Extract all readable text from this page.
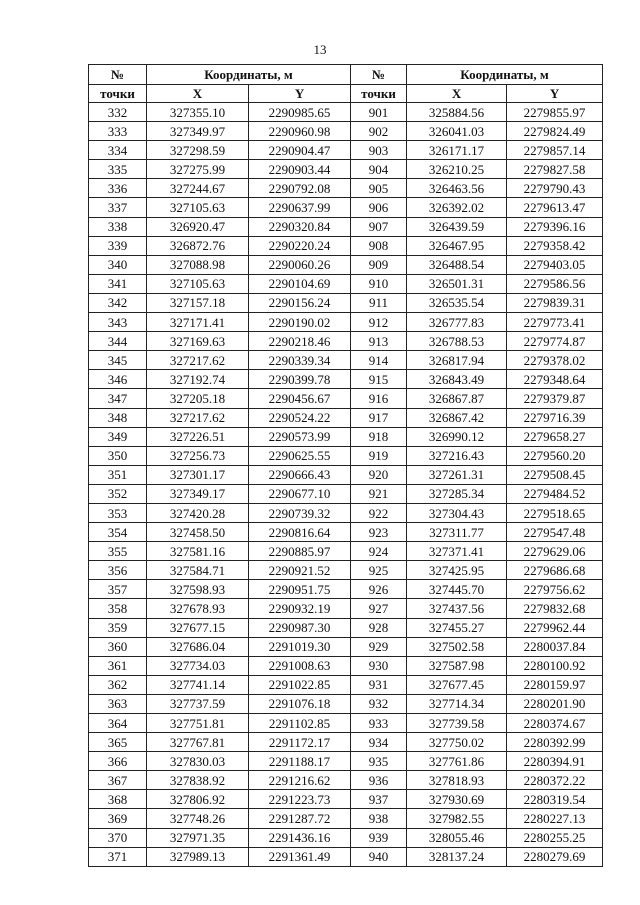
13
№	Координаты, м		№	Координаты, м	
точки	X	Y	точки	X	Y
332	327355.10	2290985.65	901	325884.56	2279855.97
333	327349.97	2290960.98	902	326041.03	2279824.49
334	327298.59	2290904.47	903	326171.17	2279857.14
335	327275.99	2290903.44	904	326210.25	2279827.58
336	327244.67	2290792.08	905	326463.56	2279790.43
337	327105.63	2290637.99	906	326392.02	2279613.47
338	326920.47	2290320.84	907	326439.59	2279396.16
339	326872.76	2290220.24	908	326467.95	2279358.42
340	327088.98	2290060.26	909	326488.54	2279403.05
341	327105.63	2290104.69	910	326501.31	2279586.56
342	327157.18	2290156.24	911	326535.54	2279839.31
343	327171.41	2290190.02	912	326777.83	2279773.41
344	327169.63	2290218.46	913	326788.53	2279774.87
345	327217.62	2290339.34	914	326817.94	2279378.02
346	327192.74	2290399.78	915	326843.49	2279348.64
347	327205.18	2290456.67	916	326867.87	2279379.87
348	327217.62	2290524.22	917	326867.42	2279716.39
349	327226.51	2290573.99	918	326990.12	2279658.27
350	327256.73	2290625.55	919	327216.43	2279560.20
351	327301.17	2290666.43	920	327261.31	2279508.45
352	327349.17	2290677.10	921	327285.34	2279484.52
353	327420.28	2290739.32	922	327304.43	2279518.65
354	327458.50	2290816.64	923	327311.77	2279547.48
355	327581.16	2290885.97	924	327371.41	2279629.06
356	327584.71	2290921.52	925	327425.95	2279686.68
357	327598.93	2290951.75	926	327445.70	2279756.62
358	327678.93	2290932.19	927	327437.56	2279832.68
359	327677.15	2290987.30	928	327455.27	2279962.44
360	327686.04	2291019.30	929	327502.58	2280037.84
361	327734.03	2291008.63	930	327587.98	2280100.92
362	327741.14	2291022.85	931	327677.45	2280159.97
363	327737.59	2291076.18	932	327714.34	2280201.90
364	327751.81	2291102.85	933	327739.58	2280374.67
365	327767.81	2291172.17	934	327750.02	2280392.99
366	327830.03	2291188.17	935	327761.86	2280394.91
367	327838.92	2291216.62	936	327818.93	2280372.22
368	327806.92	2291223.73	937	327930.69	2280319.54
369	327748.26	2291287.72	938	327982.55	2280227.13
370	327971.35	2291436.16	939	328055.46	2280255.25
371	327989.13	2291361.49	940	328137.24	2280279.69
